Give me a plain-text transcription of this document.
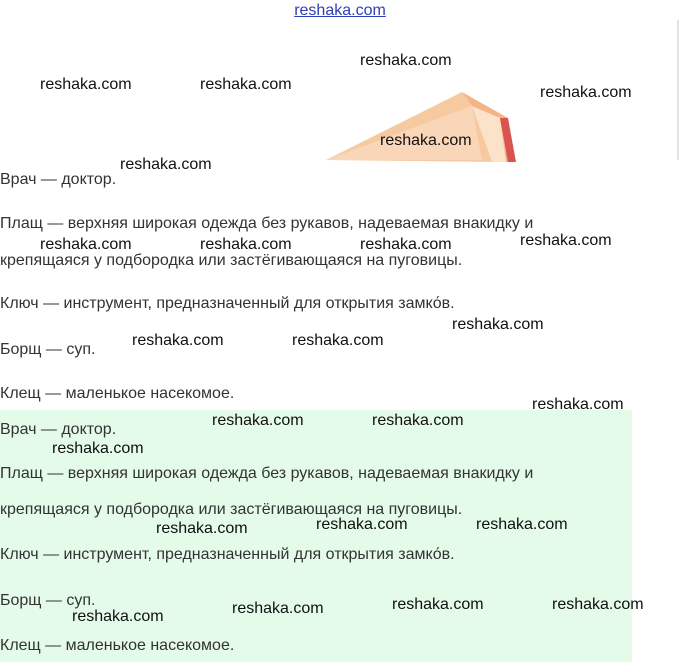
reshaka.com
Врач — доктор.
Плащ — верхняя широкая одежда без рукавов, надеваемая внакидку и
крепящаяся у подбородка или застёгивающаяся на пуговицы.
Ключ — инструмент, предназначенный для открытия замко́в.
Борщ — суп.
Клещ — маленькое насекомое.
Врач — доктор.
Плащ — верхняя широкая одежда без рукавов, надеваемая внакидку и
крепящаяся у подбородка или застёгивающаяся на пуговицы.
Ключ — инструмент, предназначенный для открытия замко́в.
Борщ — суп.
Клещ — маленькое насекомое.
reshaka.com
reshaka.com	reshaka.com	reshaka.com
reshaka.com
reshaka.com
reshaka.com
reshaka.com	reshaka.com	reshaka.com
reshaka.com
reshaka.com	reshaka.com
reshaka.com
reshaka.com	reshaka.com
reshaka.com
reshaka.com	reshaka.com
reshaka.com
reshaka.com	reshaka.com
reshaka.com
reshaka.com
